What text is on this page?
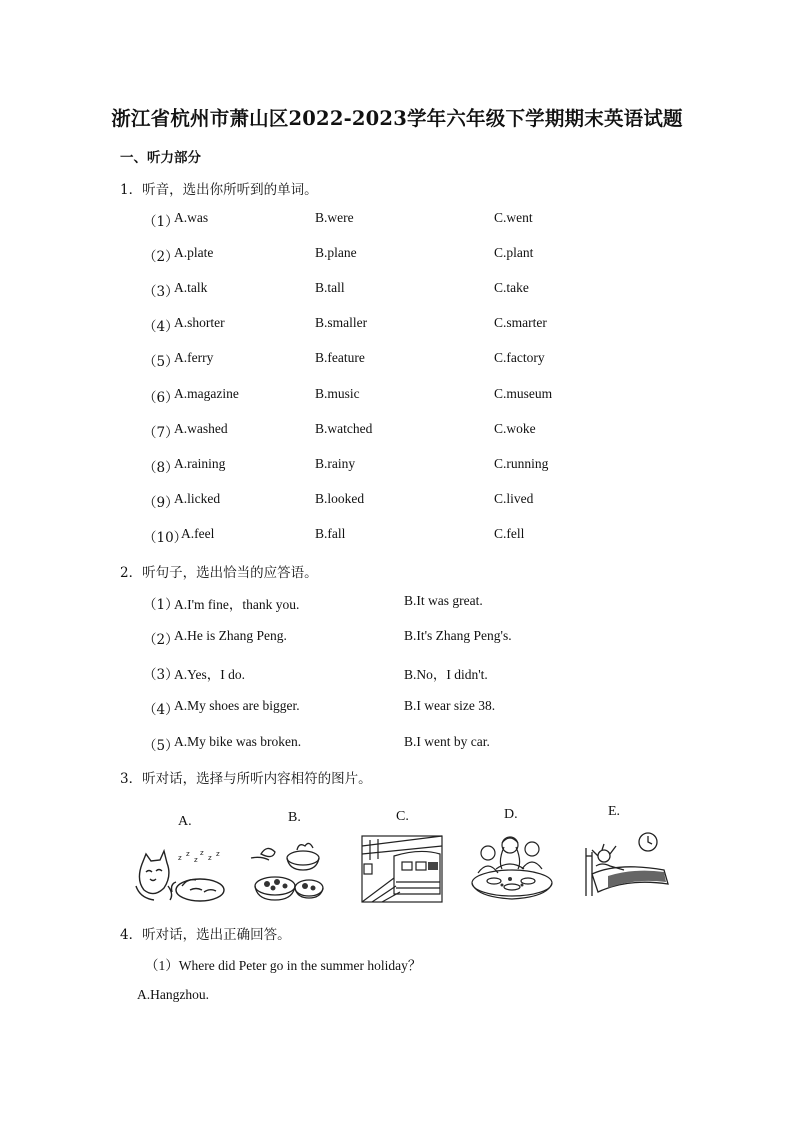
浙江省杭州市萧山区2022-2023学年六年级下学期期末英语试题
一、听力部分
1．听音，选出你所听到的单词。
（1）
A.was	B.were	C.went
（2）
A.plate	B.plane	C.plant
（3）
A.talk	B.tall	C.take
（4）
A.shorter	B.smaller	C.smarter
（5）
A.ferry	B.feature	C.factory
（6）
A.magazine	B.music	C.museum
（7）
A.washed	B.watched	C.woke
（8）
A.raining	B.rainy	C.running
（9）
A.licked	B.looked	C.lived
（10）
A.feel	B.fall	C.fell
2．听句子，选出恰当的应答语。
（1）
A.I'm fine，thank you.	B.It was great.
（2）
A.He is Zhang Peng.	B.It's Zhang Peng's.
（3）
A.Yes，I do.	B.No，I didn't.
（4）
A.My shoes are bigger.	B.I wear size 38.
（5）
A.My bike was broken.	B.I went by car.
3．听对话，选择与所听内容相符的图片。
A.	B.	C.	D.	E.
z z
z
z
z z
4．听对话，选出正确回答。
（1）Where did Peter go in the summer holiday？
A.Hangzhou.
